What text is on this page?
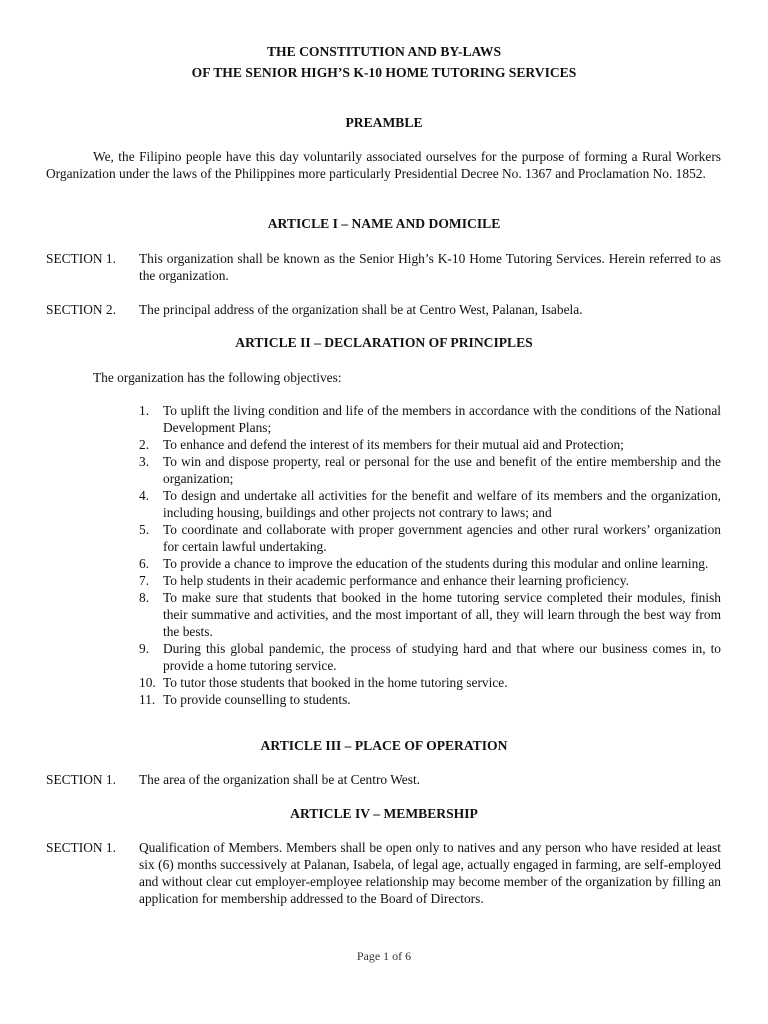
THE CONSTITUTION AND BY-LAWS
OF THE SENIOR HIGH’S K-10 HOME TUTORING SERVICES
PREAMBLE
We, the Filipino people have this day voluntarily associated ourselves for the purpose of forming a Rural Workers Organization under the laws of the Philippines more particularly Presidential Decree No. 1367 and Proclamation No. 1852.
ARTICLE I – NAME AND DOMICILE
SECTION 1.	This organization shall be known as the Senior High’s K-10 Home Tutoring Services. Herein referred to as the organization.
SECTION 2.	The principal address of the organization shall be at Centro West, Palanan, Isabela.
ARTICLE II – DECLARATION OF PRINCIPLES
The organization has the following objectives:
1.	To uplift the living condition and life of the members in accordance with the conditions of the National Development Plans;
2.	To enhance and defend the interest of its members for their mutual aid and Protection;
3.	To win and dispose property, real or personal for the use and benefit of the entire membership and the organization;
4.	To design and undertake all activities for the benefit and welfare of its members and the organization, including housing, buildings and other projects not contrary to laws; and
5.	To coordinate and collaborate with proper government agencies and other rural workers’ organization for certain lawful undertaking.
6.	To provide a chance to improve the education of the students during this modular and online learning.
7.	To help students in their academic performance and enhance their learning proficiency.
8.	To make sure that students that booked in the home tutoring service completed their modules, finish their summative and activities, and the most important of all, they will learn through the best way from the bests.
9.	During this global pandemic, the process of studying hard and that where our business comes in, to provide a home tutoring service.
10. To tutor those students that booked in the home tutoring service.
11. To provide counselling to students.
ARTICLE III – PLACE OF OPERATION
SECTION 1.	The area of the organization shall be at Centro West.
ARTICLE IV – MEMBERSHIP
SECTION 1.	Qualification of Members. Members shall be open only to natives and any person who have resided at least six (6) months successively at Palanan, Isabela, of legal age, actually engaged in farming, are self-employed and without clear cut employer-employee relationship may become member of the organization by filling an application for membership addressed to the Board of Directors.
Page 1 of 6
